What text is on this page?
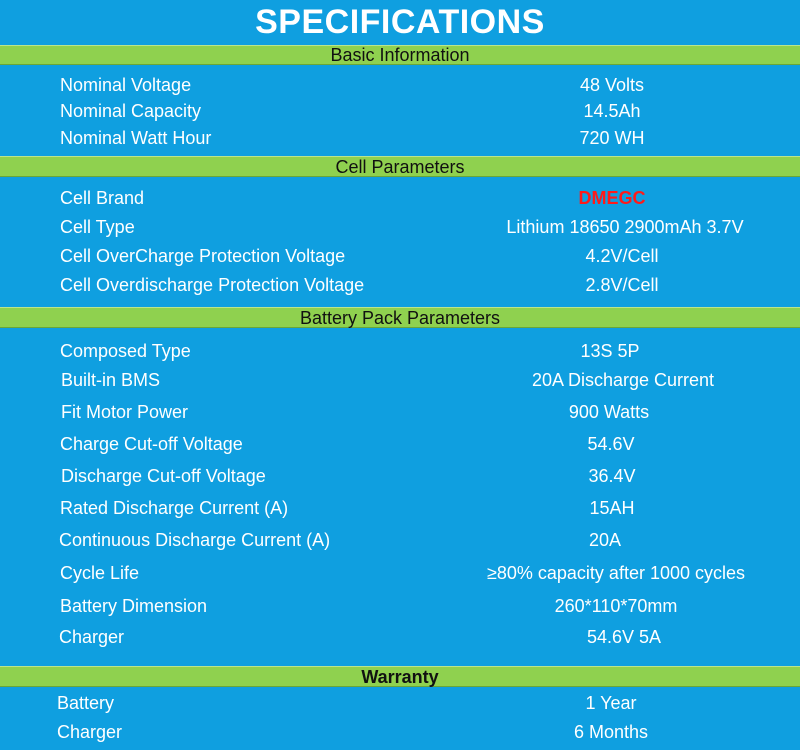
SPECIFICATIONS
Basic Information
Nominal Voltage	48 Volts
Nominal Capacity	14.5Ah
Nominal Watt Hour	720 WH
Cell Parameters
Cell Brand	DMEGC
Cell Type	Lithium 18650 2900mAh 3.7V
Cell OverCharge Protection Voltage	4.2V/Cell
Cell Overdischarge Protection Voltage	2.8V/Cell
Battery Pack Parameters
Composed Type	13S 5P
Built-in BMS	20A Discharge Current
Fit Motor Power	900 Watts
Charge Cut-off Voltage	54.6V
Discharge Cut-off Voltage	36.4V
Rated Discharge Current (A)	15AH
Continuous Discharge Current (A)	20A
Cycle Life	≥80% capacity after 1000 cycles
Battery Dimension	260*110*70mm
Charger	54.6V 5A
Warranty
Battery	1 Year
Charger	6 Months
